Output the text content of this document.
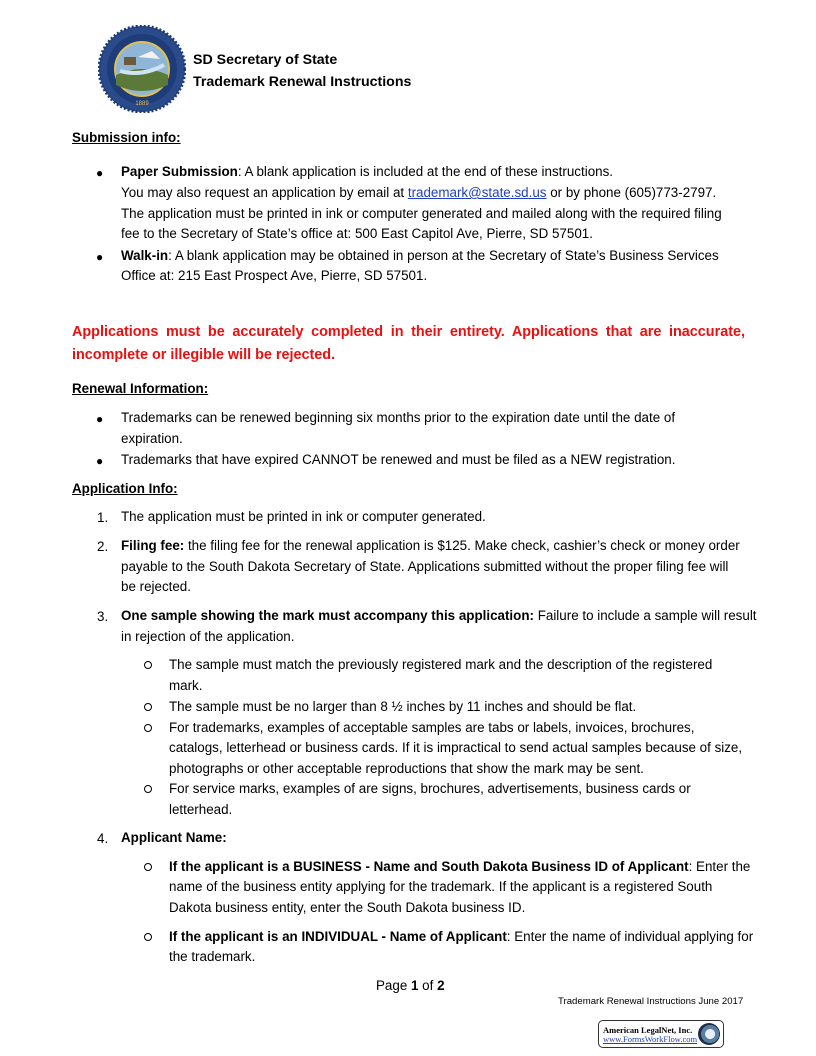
1889
SD Secretary of State
Trademark Renewal Instructions
Submission info:
● Paper Submission: A blank application is included at the end of these instructions.
You may also request an application by email at trademark@state.sd.us or by phone (605)773-2797.
The application must be printed in ink or computer generated and mailed along with the required filing
fee to the Secretary of State’s office at: 500 East Capitol Ave, Pierre, SD 57501.
● Walk-in: A blank application may be obtained in person at the Secretary of State’s Business Services
Office at: 215 East Prospect Ave, Pierre, SD 57501.
Applications must be accurately completed in their entirety. Applications that are inaccurate, incomplete or illegible will be rejected.
Renewal Information:
● Trademarks can be renewed beginning six months prior to the expiration date until the date of
expiration.
● Trademarks that have expired CANNOT be renewed and must be filed as a NEW registration.
Application Info:
1. The application must be printed in ink or computer generated.
2. Filing fee: the filing fee for the renewal application is $125. Make check, cashier’s check or money order
payable to the South Dakota Secretary of State. Applications submitted without the proper filing fee will
be rejected.
3. One sample showing the mark must accompany this application: Failure to include a sample will result
in rejection of the application.
The sample must match the previously registered mark and the description of the registered
mark.
The sample must be no larger than 8 ½ inches by 11 inches and should be flat.
For trademarks, examples of acceptable samples are tabs or labels, invoices, brochures,
catalogs, letterhead or business cards. If it is impractical to send actual samples because of size,
photographs or other acceptable reproductions that show the mark may be sent.
For service marks, examples of are signs, brochures, advertisements, business cards or
letterhead.
4. Applicant Name:
If the applicant is a BUSINESS - Name and South Dakota Business ID of Applicant: Enter the
name of the business entity applying for the trademark. If the applicant is a registered South
Dakota business entity, enter the South Dakota business ID.
If the applicant is an INDIVIDUAL - Name of Applicant: Enter the name of individual applying for
the trademark.
Page 1 of 2
Trademark Renewal Instructions June 2017
American LegalNet, Inc.
www.FormsWorkFlow.com
